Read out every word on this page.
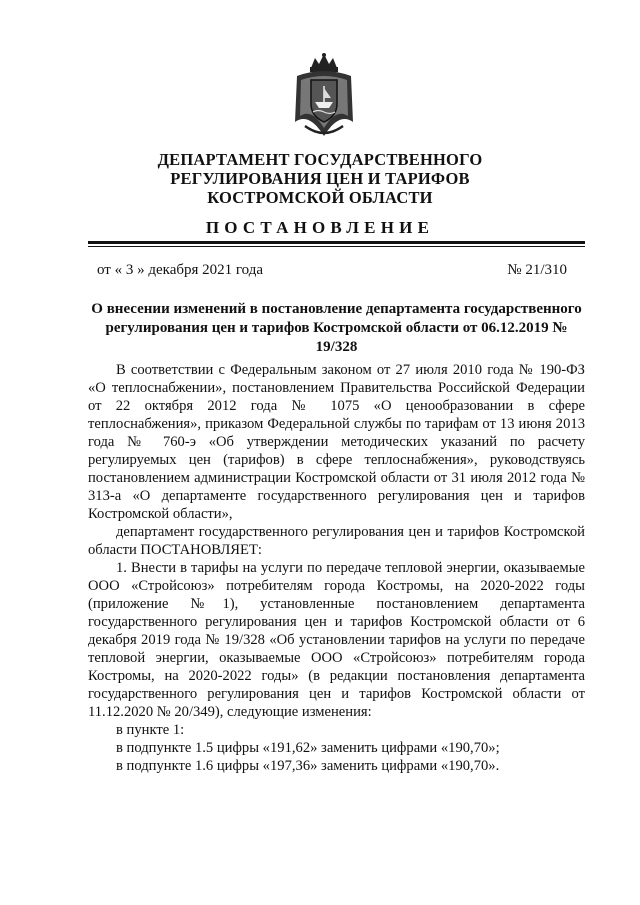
ДЕПАРТАМЕНТ ГОСУДАРСТВЕННОГО
РЕГУЛИРОВАНИЯ ЦЕН И ТАРИФОВ
КОСТРОМСКОЙ ОБЛАСТИ
ПОСТАНОВЛЕНИЕ
от « 3 » декабря 2021 года	№ 21/310
О внесении изменений в постановление департамента государственного регулирования цен и тарифов Костромской области от 06.12.2019 № 19/328

В соответствии с Федеральным законом от 27 июля 2010 года № 190-ФЗ «О теплоснабжении», постановлением Правительства Российской Федерации от 22 октября 2012 года № 1075 «О ценообразовании в сфере теплоснабжения», приказом Федеральной службы по тарифам от 13 июня 2013 года № 760-э «Об утверждении методических указаний по расчету регулируемых цен (тарифов) в сфере теплоснабжения», руководствуясь постановлением администрации Костромской области от 31 июля 2012 года № 313-а «О департаменте государственного регулирования цен и тарифов Костромской области»,

департамент государственного регулирования цен и тарифов Костромской области ПОСТАНОВЛЯЕТ:

1. Внести в тарифы на услуги по передаче тепловой энергии, оказываемые ООО «Стройсоюз» потребителям города Костромы, на 2020-2022 годы (приложение №1), установленные постановлением департамента государственного регулирования цен и тарифов Костромской области от 6 декабря 2019 года № 19/328 «Об установлении тарифов на услуги по передаче тепловой энергии, оказываемые ООО «Стройсоюз» потребителям города Костромы, на 2020-2022 годы» (в редакции постановления департамента государственного регулирования цен и тарифов Костромской области от 11.12.2020 № 20/349), следующие изменения:

в пункте 1:

в подпункте 1.5 цифры «191,62» заменить цифрами «190,70»;

в подпункте 1.6 цифры «197,36» заменить цифрами «190,70».
